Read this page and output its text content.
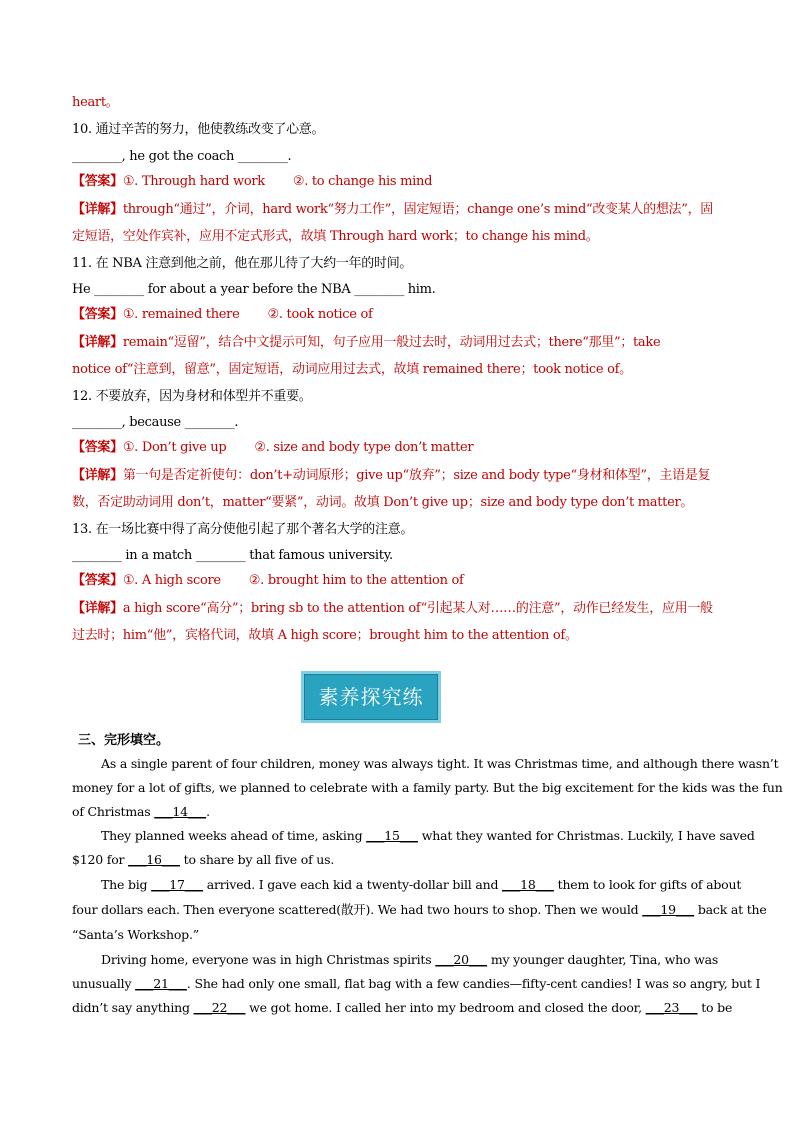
heart。
10. 通过辛苦的努力，他使教练改变了心意。
________, he got the coach ________.
【答案】①. Through hard work ②. to change his mind
【详解】through“通过”，介词，hard work“努力工作”，固定短语；change one’s mind“改变某人的想法”，固
定短语，空处作宾补，应用不定式形式，故填 Through hard work；to change his mind。
11. 在 NBA 注意到他之前，他在那儿待了大约一年的时间。
He ________ for about a year before the NBA ________ him.
【答案】①. remained there ②. took notice of
【详解】remain“逗留”，结合中文提示可知，句子应用一般过去时，动词用过去式；there“那里”；take
notice of“注意到，留意”，固定短语，动词应用过去式，故填 remained there；took notice of。
12. 不要放弃，因为身材和体型并不重要。
________, because ________.
【答案】①. Don’t give up ②. size and body type don’t matter
【详解】第一句是否定祈使句：don’t+动词原形；give up“放弃”；size and body type“身材和体型”，主语是复
数，否定助动词用 don’t，matter“要紧”，动词。故填 Don’t give up；size and body type don’t matter。
13. 在一场比赛中得了高分使他引起了那个著名大学的注意。
________ in a match ________ that famous university.
【答案】①. A high score ②. brought him to the attention of
【详解】a high score“高分”；bring sb to the attention of“引起某人对……的注意”，动作已经发生，应用一般
过去时；him“他”，宾格代词，故填 A high score；brought him to the attention of。
素养探究练
三、完形填空。
As a single parent of four children, money was always tight. It was Christmas time, and although there wasn’t
money for a lot of gifts, we planned to celebrate with a family party. But the big excitement for the kids was the fun
of Christmas ___14___.
They planned weeks ahead of time, asking ___15___ what they wanted for Christmas. Luckily, I have saved
$120 for ___16___ to share by all five of us.
The big ___17___ arrived. I gave each kid a twenty-dollar bill and ___18___ them to look for gifts of about
four dollars each. Then everyone scattered(散开). We had two hours to shop. Then we would ___19___ back at the
“Santa’s Workshop.”
Driving home, everyone was in high Christmas spirits ___20___ my younger daughter, Tina, who was
unusually ___21___. She had only one small, flat bag with a few candies—fifty-cent candies! I was so angry, but I
didn’t say anything ___22___ we got home. I called her into my bedroom and closed the door, ___23___ to be
